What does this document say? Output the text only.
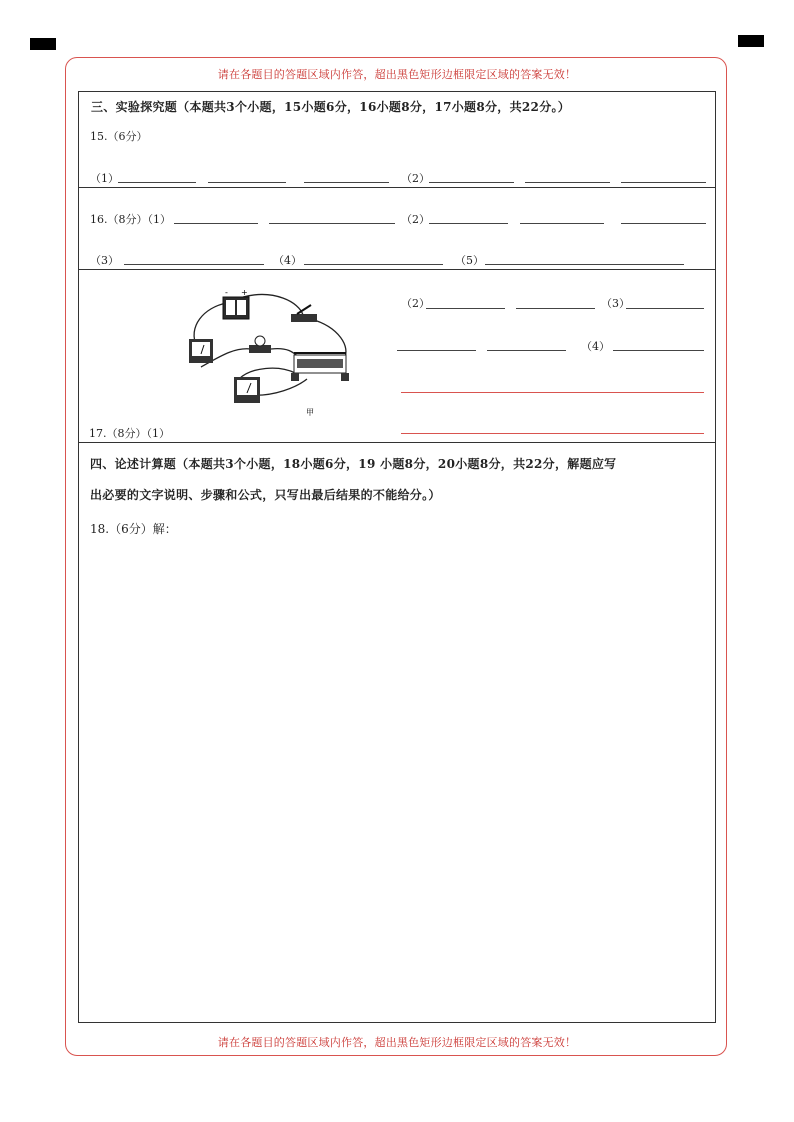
请在各题目的答题区域内作答，超出黑色矩形边框限定区域的答案无效！
请在各题目的答题区域内作答，超出黑色矩形边框限定区域的答案无效！
三、实验探究题（本题共3个小题，15小题6分，16小题8分，17小题8分，共22分。）
15.（6分）
（1）	（2）
16.（8分）（1）	（2）
（3）	（4）	（5）
- +
甲
（2）	（3）
（4）
17.（8分）（1）
四、论述计算题（本题共3个小题，18小题6分，19 小题8分，20小题8分，共22分，解题应写
出必要的文字说明、步骤和公式，只写出最后结果的不能给分。）
18.（6分）解：
